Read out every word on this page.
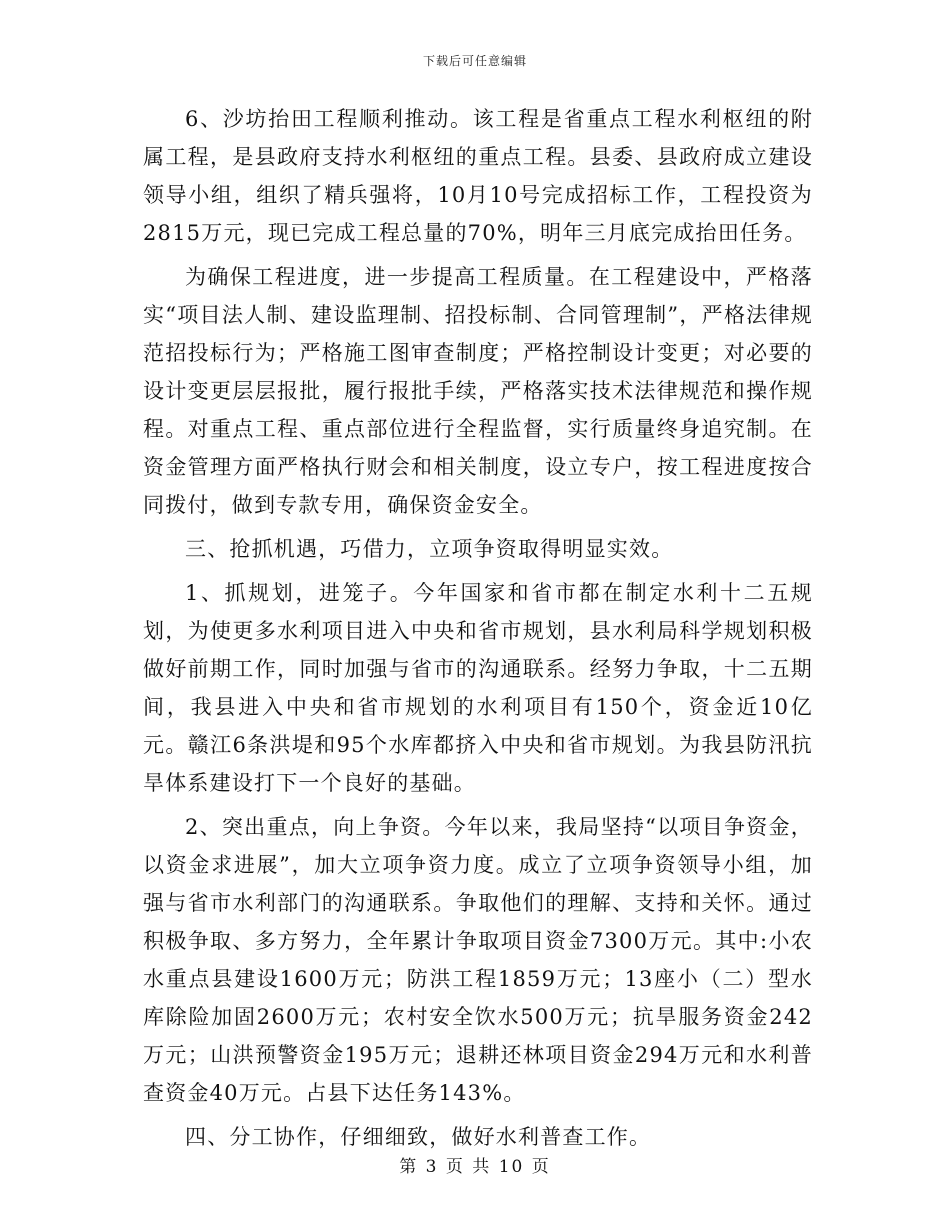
下载后可任意编辑

6、沙坊抬田工程顺利推动。该工程是省重点工程水利枢纽的附属工程，是县政府支持水利枢纽的重点工程。县委、县政府成立建设领导小组，组织了精兵强将，10月10号完成招标工作，工程投资为2815万元，现已完成工程总量的70%，明年三月底完成抬田任务。

为确保工程进度，进一步提高工程质量。在工程建设中，严格落实“项目法人制、建设监理制、招投标制、合同管理制”，严格法律规范招投标行为；严格施工图审查制度；严格控制设计变更；对必要的设计变更层层报批，履行报批手续，严格落实技术法律规范和操作规程。对重点工程、重点部位进行全程监督，实行质量终身追究制。在资金管理方面严格执行财会和相关制度，设立专户，按工程进度按合同拨付，做到专款专用，确保资金安全。

三、抢抓机遇，巧借力，立项争资取得明显实效。

1、抓规划，进笼子。今年国家和省市都在制定水利十二五规划，为使更多水利项目进入中央和省市规划，县水利局科学规划积极做好前期工作，同时加强与省市的沟通联系。经努力争取，十二五期间，我县进入中央和省市规划的水利项目有150个，资金近10亿元。赣江6条洪堤和95个水库都挤入中央和省市规划。为我县防汛抗旱体系建设打下一个良好的基础。

2、突出重点，向上争资。今年以来，我局坚持“以项目争资金，以资金求进展”，加大立项争资力度。成立了立项争资领导小组，加强与省市水利部门的沟通联系。争取他们的理解、支持和关怀。通过积极争取、多方努力，全年累计争取项目资金7300万元。其中:小农水重点县建设1600万元；防洪工程1859万元；13座小（二）型水库除险加固2600万元；农村安全饮水500万元；抗旱服务资金242万元；山洪预警资金195万元；退耕还林项目资金294万元和水利普查资金40万元。占县下达任务143%。

四、分工协作，仔细细致，做好水利普查工作。

第 3 页 共 10 页
